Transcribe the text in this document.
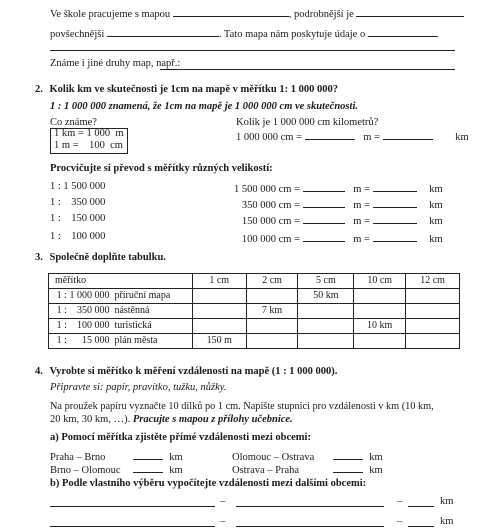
Ve škole pracujeme s mapou	, podrobnější je
povšechnější	. Tato mapa nám poskytuje údaje o
Známe i jiné druhy map, např.:
2. Kolik km ve skutečnosti je 1cm na mapě v měřítku 1: 1 000 000?
1 : 1 000 000 znamená, že 1cm na mapě je 1 000 000 cm ve skutečnosti.
Co známe?	Kolik je 1 000 000 cm kilometrů?
1 km = 1 000  m
1 m =    100  cm
1 000 000 cm =	m =	km
Procvičujte si převod s měřítky různých velikostí:
1 : 1 500 000
1 :    350 000
1 :    150 000
1 :    100 000
1 500 000 cm =	m =	km
350 000 cm =	m =	km
150 000 cm =	m =	km
100 000 cm =	m =	km
3. Společně doplňte tabulku.
měřítko		1 cm	2 cm	5 cm	10 cm	12 cm
1 : 1 000 000	příruční mapa			50 km		
1 :    350 000	nástěnná		7 km			
1 :    100 000	turistická				10 km	
1 :      15 000	plán města	150 m				
4. Vyrobte si měřítko k měření vzdáleností na mapě (1 : 1 000 000).
Připravte si: papír, pravítko, tužku, nůžky.
Na proužek papíru vyznačte 10 dílků po 1 cm. Napište stupnici pro vzdálenosti v km (10 km,
20 km, 30 km, …). Pracujte s mapou z přílohy učebnice.
a) Pomocí měřítka zjistěte přímé vzdálenosti mezi obcemi:
Praha – Brno	km
Brno – Olomouc	km
Olomouc – Ostrava	km
Ostrava – Praha	km
b) Podle vlastního výběru vypočítejte vzdálenosti mezi dalšími obcemi:
–	–	km
–	–	km
